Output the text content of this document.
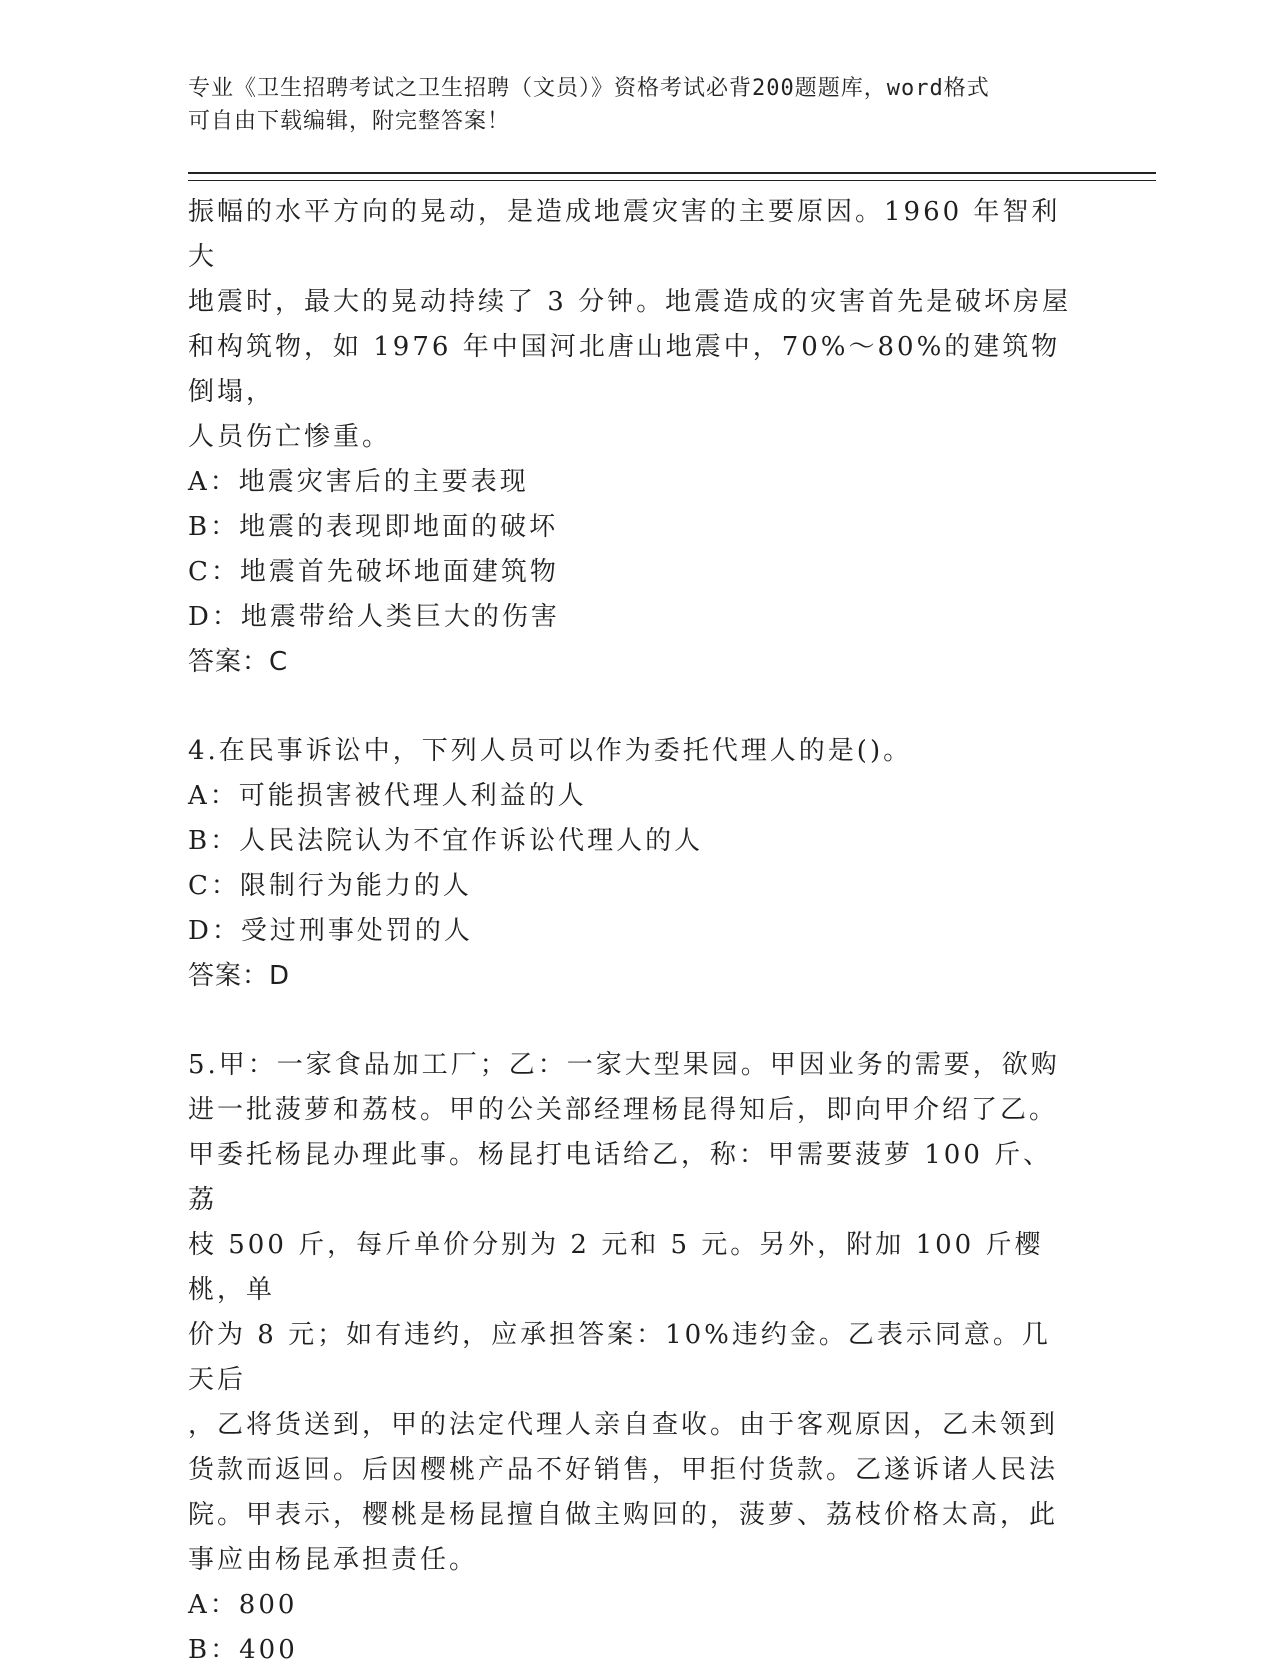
专业《卫生招聘考试之卫生招聘（文员）》资格考试必背200题题库，word格式
可自由下载编辑，附完整答案！

振幅的水平方向的晃动，是造成地震灾害的主要原因。1960 年智利大

地震时，最大的晃动持续了 3 分钟。地震造成的灾害首先是破坏房屋

和构筑物，如 1976 年中国河北唐山地震中，70%～80%的建筑物倒塌，

人员伤亡惨重。

A：地震灾害后的主要表现

B：地震的表现即地面的破坏

C：地震首先破坏地面建筑物

D：地震带给人类巨大的伤害

答案：C

4.在民事诉讼中，下列人员可以作为委托代理人的是()。

A：可能损害被代理人利益的人

B：人民法院认为不宜作诉讼代理人的人

C：限制行为能力的人

D：受过刑事处罚的人

答案：D

5.甲：一家食品加工厂；乙：一家大型果园。甲因业务的需要，欲购

进一批菠萝和荔枝。甲的公关部经理杨昆得知后，即向甲介绍了乙。

甲委托杨昆办理此事。杨昆打电话给乙，称：甲需要菠萝 100 斤、荔

枝 500 斤，每斤单价分别为 2 元和 5 元。另外，附加 100 斤樱桃，单

价为 8 元；如有违约，应承担答案：10%违约金。乙表示同意。几天后

，乙将货送到，甲的法定代理人亲自查收。由于客观原因，乙未领到

货款而返回。后因樱桃产品不好销售，甲拒付货款。乙遂诉诸人民法

院。甲表示，樱桃是杨昆擅自做主购回的，菠萝、荔枝价格太高，此

事应由杨昆承担责任。

A：800

B：400
